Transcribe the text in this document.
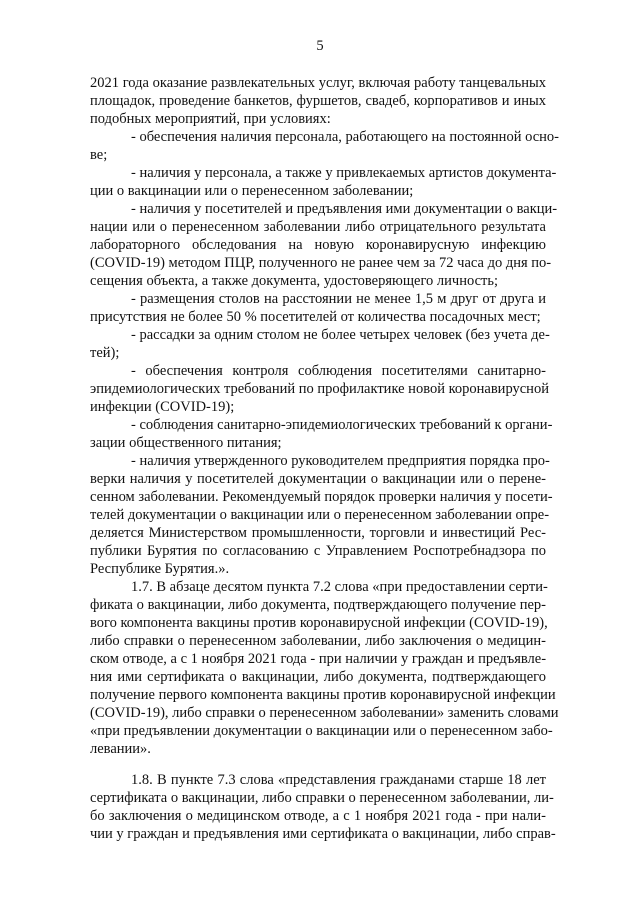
5
2021 года оказание развлекательных услуг, включая работу танцевальных
площадок, проведение банкетов, фуршетов, свадеб, корпоративов и иных
подобных мероприятий, при условиях:
- обеспечения наличия персонала, работающего на постоянной осно-
ве;
- наличия у персонала, а также у привлекаемых артистов документа-
ции о вакцинации или о перенесенном заболевании;
- наличия у посетителей и предъявления ими документации о вакци-
нации или о перенесенном заболевании либо отрицательного результата
лабораторного обследования на новую коронавирусную инфекцию
(COVID-19) методом ПЦР, полученного не ранее чем за 72 часа до дня по-
сещения объекта, а также документа, удостоверяющего личность;
- размещения столов на расстоянии не менее 1,5 м друг от друга и
присутствия не более 50 % посетителей от количества посадочных мест;
- рассадки за одним столом не более четырех человек (без учета де-
тей);
- обеспечения контроля соблюдения посетителями санитарно-
эпидемиологических требований по профилактике новой коронавирусной
инфекции (COVID-19);
- соблюдения санитарно-эпидемиологических требований к органи-
зации общественного питания;
- наличия утвержденного руководителем предприятия порядка про-
верки наличия у посетителей документации о вакцинации или о перене-
сенном заболевании. Рекомендуемый порядок проверки наличия у посети-
телей документации о вакцинации или о перенесенном заболевании опре-
деляется Министерством промышленности, торговли и инвестиций Рес-
публики Бурятия по согласованию с Управлением Роспотребнадзора по
Республике Бурятия.».
1.7. В абзаце десятом пункта 7.2 слова «при предоставлении серти-
фиката о вакцинации, либо документа, подтверждающего получение пер-
вого компонента вакцины против коронавирусной инфекции (COVID-19),
либо справки о перенесенном заболевании, либо заключения о медицин-
ском отводе, а с 1 ноября 2021 года - при наличии у граждан и предъявле-
ния ими сертификата о вакцинации, либо документа, подтверждающего
получение первого компонента вакцины против коронавирусной инфекции
(COVID-19), либо справки о перенесенном заболевании» заменить словами
«при предъявлении документации о вакцинации или о перенесенном забо-
левании».
1.8. В пункте 7.3 слова «представления гражданами старше 18 лет
сертификата о вакцинации, либо справки о перенесенном заболевании, ли-
бо заключения о медицинском отводе, а с 1 ноября 2021 года - при нали-
чии у граждан и предъявления ими сертификата о вакцинации, либо справ-
